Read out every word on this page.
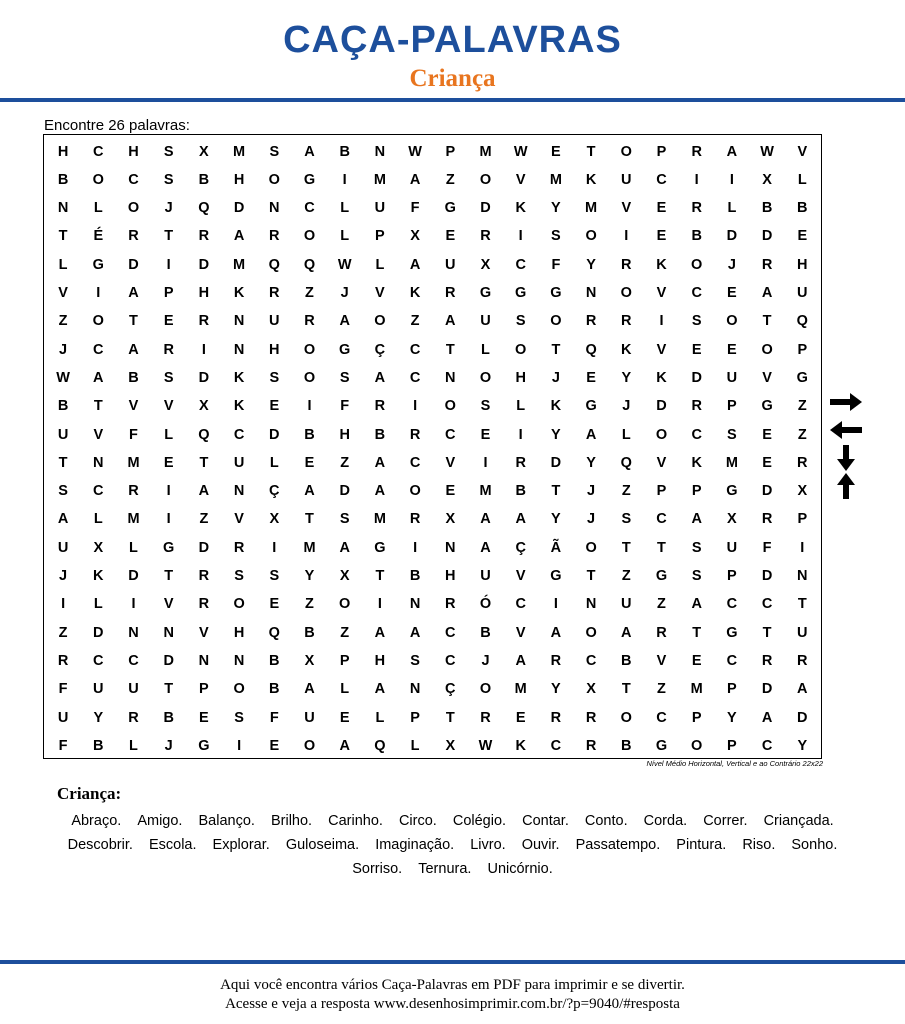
CAÇA-PALAVRAS
Criança
Encontre 26 palavras:
H	C	H	S	X	M	S	A	B	N	W	P	M	W	E	T	O	P	R	A	W	V
B	O	C	S	B	H	O	G	I	M	A	Z	O	V	M	K	U	C	I	I	X	L
N	L	O	J	Q	D	N	C	L	U	F	G	D	K	Y	M	V	E	R	L	B	B
T	É	R	T	R	A	R	O	L	P	X	E	R	I	S	O	I	E	B	D	D	E
L	G	D	I	D	M	Q	Q	W	L	A	U	X	C	F	Y	R	K	O	J	R	H
V	I	A	P	H	K	R	Z	J	V	K	R	G	G	G	N	O	V	C	E	A	U
Z	O	T	E	R	N	U	R	A	O	Z	A	U	S	O	R	R	I	S	O	T	Q
J	C	A	R	I	N	H	O	G	Ç	C	T	L	O	T	Q	K	V	E	E	O	P
W	A	B	S	D	K	S	O	S	A	C	N	O	H	J	E	Y	K	D	U	V	G
B	T	V	V	X	K	E	I	F	R	I	O	S	L	K	G	J	D	R	P	G	Z
U	V	F	L	Q	C	D	B	H	B	R	C	E	I	Y	A	L	O	C	S	E	Z
T	N	M	E	T	U	L	E	Z	A	C	V	I	R	D	Y	Q	V	K	M	E	R
S	C	R	I	A	N	Ç	A	D	A	O	E	M	B	T	J	Z	P	P	G	D	X
A	L	M	I	Z	V	X	T	S	M	R	X	A	A	Y	J	S	C	A	X	R	P
U	X	L	G	D	R	I	M	A	G	I	N	A	Ç	Ã	O	T	T	S	U	F	I
J	K	D	T	R	S	S	Y	X	T	B	H	U	V	G	T	Z	G	S	P	D	N
I	L	I	V	R	O	E	Z	O	I	N	R	Ó	C	I	N	U	Z	A	C	C	T
Z	D	N	N	V	H	Q	B	Z	A	A	C	B	V	A	O	A	R	T	G	T	U
R	C	C	D	N	N	B	X	P	H	S	C	J	A	R	C	B	V	E	C	R	R
F	U	U	T	P	O	B	A	L	A	N	Ç	O	M	Y	X	T	Z	M	P	D	A
U	Y	R	B	E	S	F	U	E	L	P	T	R	E	R	R	O	C	P	Y	A	D
F	B	L	J	G	I	E	O	A	Q	L	X	W	K	C	R	B	G	O	P	C	Y
Nível Médio Horizontal, Vertical e ao Contrário 22x22
Criança:
Abraço. Amigo. Balanço. Brilho. Carinho. Circo. Colégio. Contar. Conto. Corda. Correr. Criançada. Descobrir. Escola. Explorar. Guloseima. Imaginação. Livro. Ouvir. Passatempo. Pintura. Riso. Sonho. Sorriso. Ternura. Unicórnio.
Aqui você encontra vários Caça-Palavras em PDF para imprimir e se divertir.
Acesse e veja a resposta www.desenhosimprimir.com.br/?p=9040/#resposta
